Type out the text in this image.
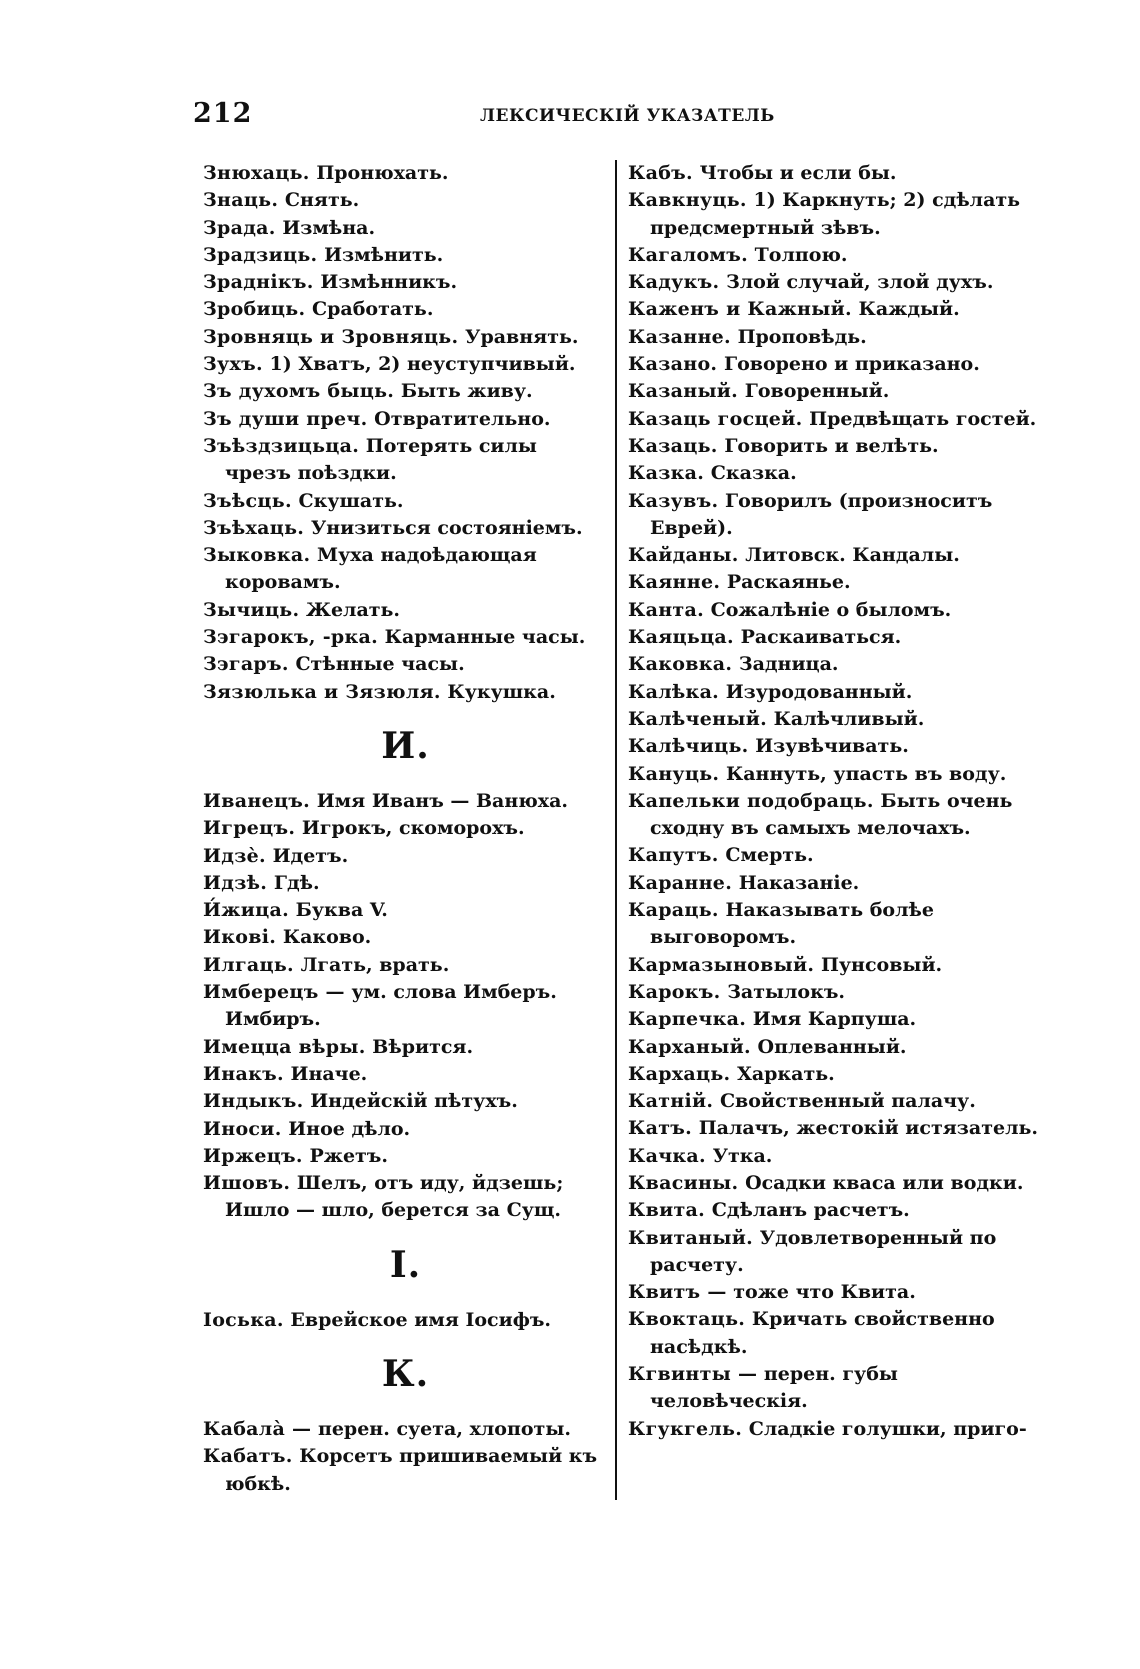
212	ЛЕКСИЧЕСКІЙ УКАЗАТЕЛЬ
Знюхаць. Пронюхать.
Знаць. Снять.
Зрада. Измѣна.
Зрадзиць. Измѣнить.
Зраднікъ. Измѣнникъ.
Зробиць. Сработать.
Зровняць и Зровняць. Уравнять.
Зухъ. 1) Хватъ, 2) неуступчивый.
Зъ духомъ быць. Быть живу.
Зъ души преч. Отвратительно.
Зъѣздзицьца. Потерять силы чрезъ поѣздки.
Зъѣсць. Скушать.
Зъѣхаць. Унизиться состояніемъ.
Зыковка. Муха надоѣдающая коровамъ.
Зычиць. Желать.
Зэгарокъ, -рка. Карманные часы.
Зэгаръ. Стѣнные часы.
Зязюлька и Зязюля. Кукушка.
И.
Иванецъ. Имя Иванъ — Ванюха.
Игрецъ. Игрокъ, скоморохъ.
Идзѐ. Идетъ.
Идзѣ. Гдѣ.
И́жица. Буква V.
Икові. Каково.
Илгаць. Лгать, врать.
Имберецъ — ум. слова Имберъ. Имбиръ.
Имецца вѣры. Вѣрится.
Инакъ. Иначе.
Индыкъ. Индейскій пѣтухъ.
Иноси. Иное дѣло.
Иржецъ. Ржетъ.
Ишовъ. Шелъ, отъ иду, йдзешь; Ишло — шло, берется за Сущ.
І.
Іоська. Еврейское имя Іосифъ.
К.
Кабалà — перен. суета, хлопоты.
Кабатъ. Корсетъ пришиваемый къ юбкѣ.
Кабъ. Чтобы и если бы.
Кавкнуць. 1) Каркнуть; 2) сдѣлать предсмертный зѣвъ.
Кагаломъ. Толпою.
Кадукъ. Злой случай, злой духъ.
Каженъ и Кажный. Каждый.
Казанне. Проповѣдь.
Казано. Говорено и приказано.
Казаный. Говоренный.
Казаць госцей. Предвѣщать гостей.
Казаць. Говорить и велѣть.
Казка. Сказка.
Казувъ. Говорилъ (произноситъ Еврей).
Кайданы. Литовск. Кандалы.
Каянне. Раскаянье.
Канта. Сожалѣніе о быломъ.
Каяцьца. Раскаиваться.
Каковка. Задница.
Калѣка. Изуродованный.
Калѣченый. Калѣчливый.
Калѣчиць. Изувѣчивать.
Кануць. Каннуть, упасть въ воду.
Капельки подобраць. Быть очень сходну въ самыхъ мелочахъ.
Капутъ. Смерть.
Каранне. Наказаніе.
Караць. Наказывать болѣе выговоромъ.
Кармазыновый. Пунсовый.
Карокъ. Затылокъ.
Карпечка. Имя Карпуша.
Карханый. Оплеванный.
Кархаць. Харкать.
Катній. Свойственный палачу.
Катъ. Палачъ, жестокій истязатель.
Качка. Утка.
Квасины. Осадки кваса или водки.
Квита. Сдѣланъ расчетъ.
Квитаный. Удовлетворенный по расчету.
Квитъ — тоже что Квита.
Квоктаць. Кричать свойственно насѣдкѣ.
Кгвинты — перен. губы человѣческія.
Кгукгель. Сладкіе голушки, приго-
